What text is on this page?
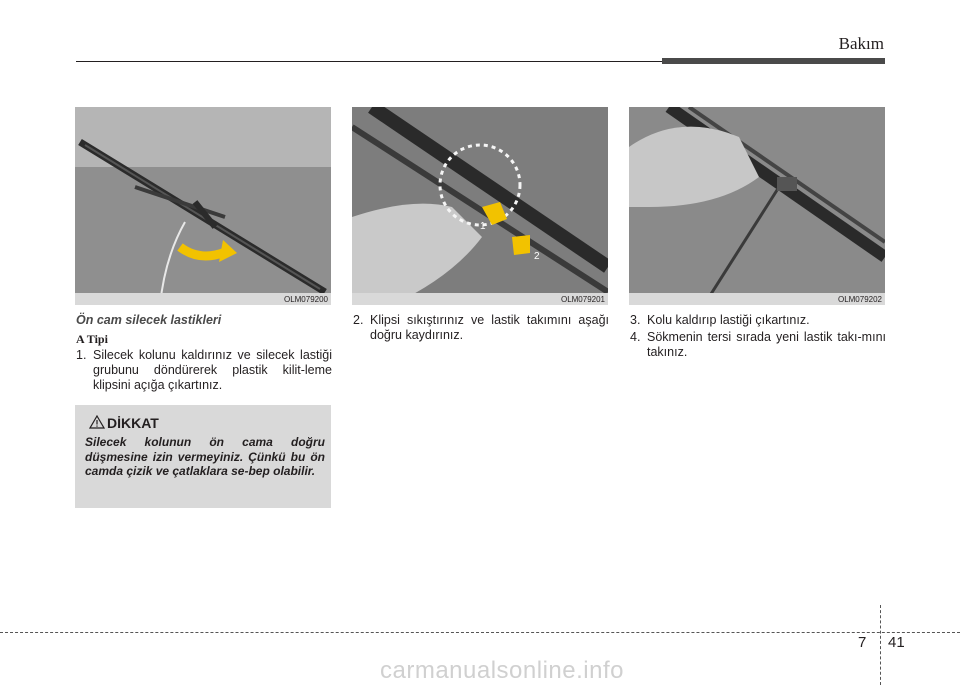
Bakım
OLM079200
1
2
OLM079201	OLM079202
Ön cam silecek lastikleri
A Tipi
1. Silecek kolunu kaldırınız ve silecek lastiği grubunu döndürerek plastik kilit-leme klipsini açığa çıkartınız.
DİKKAT
Silecek kolunun ön cama doğru düşmesine izin vermeyiniz. Çünkü bu ön camda çizik ve çatlaklara se-bep olabilir.
2. Klipsi sıkıştırınız ve lastik takımını aşağı doğru kaydırınız.
3. Kolu kaldırıp lastiği çıkartınız.
4. Sökmenin tersi sırada yeni lastik takı-mını takınız.
7 41
carmanualsonline.info
